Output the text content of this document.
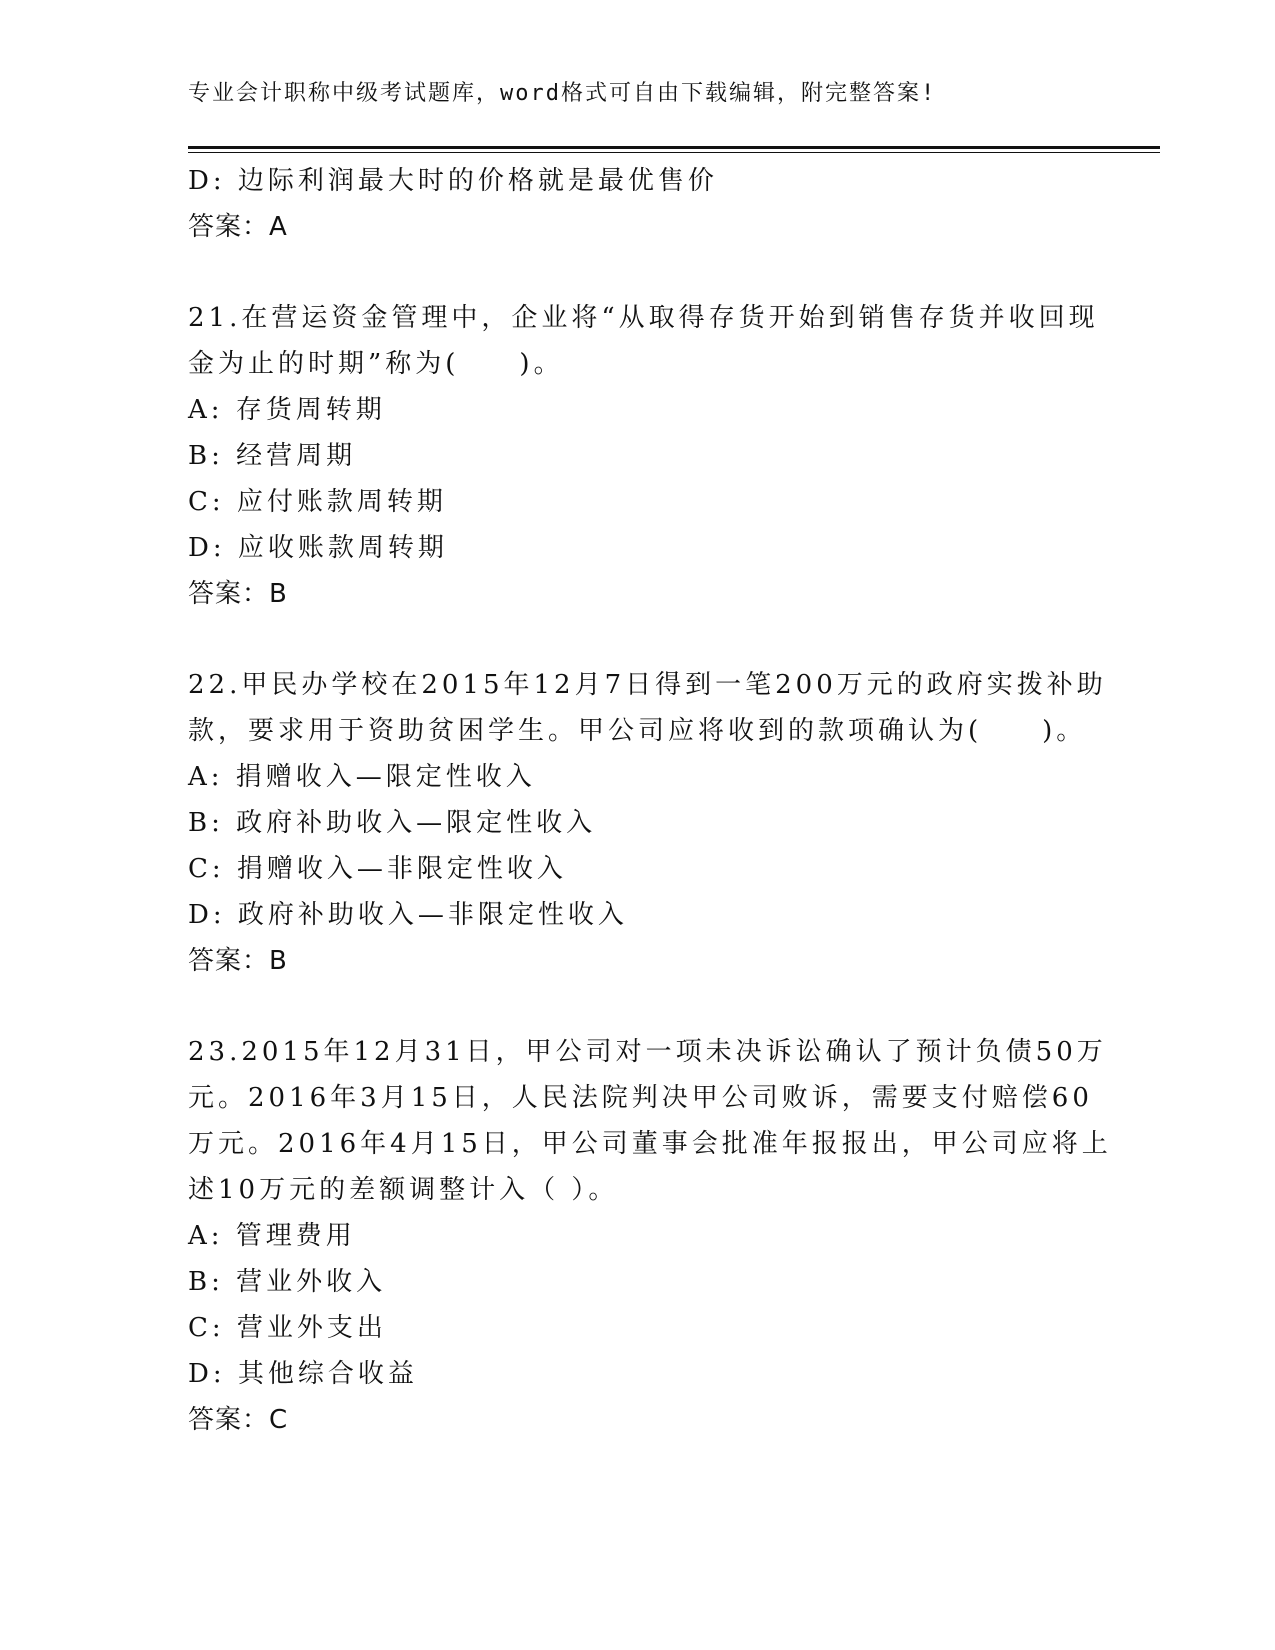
专业会计职称中级考试题库，word格式可自由下载编辑，附完整答案!
D: 边际利润最大时的价格就是最优售价
答案：A
21.在营运资金管理中，企业将“从取得存货开始到销售存货并收回现
金为止的时期”称为(　　)。
A: 存货周转期
B: 经营周期
C: 应付账款周转期
D: 应收账款周转期
答案：B
22.甲民办学校在2015年12月7日得到一笔200万元的政府实拨补助
款，要求用于资助贫困学生。甲公司应将收到的款项确认为(　　)。
A: 捐赠收入—限定性收入
B: 政府补助收入—限定性收入
C: 捐赠收入—非限定性收入
D: 政府补助收入—非限定性收入
答案：B
23.2015年12月31日，甲公司对一项未决诉讼确认了预计负债50万
元。2016年3月15日，人民法院判决甲公司败诉，需要支付赔偿60
万元。2016年4月15日，甲公司董事会批准年报报出，甲公司应将上
述10万元的差额调整计入（ ）。
A: 管理费用
B: 营业外收入
C: 营业外支出
D: 其他综合收益
答案：C
